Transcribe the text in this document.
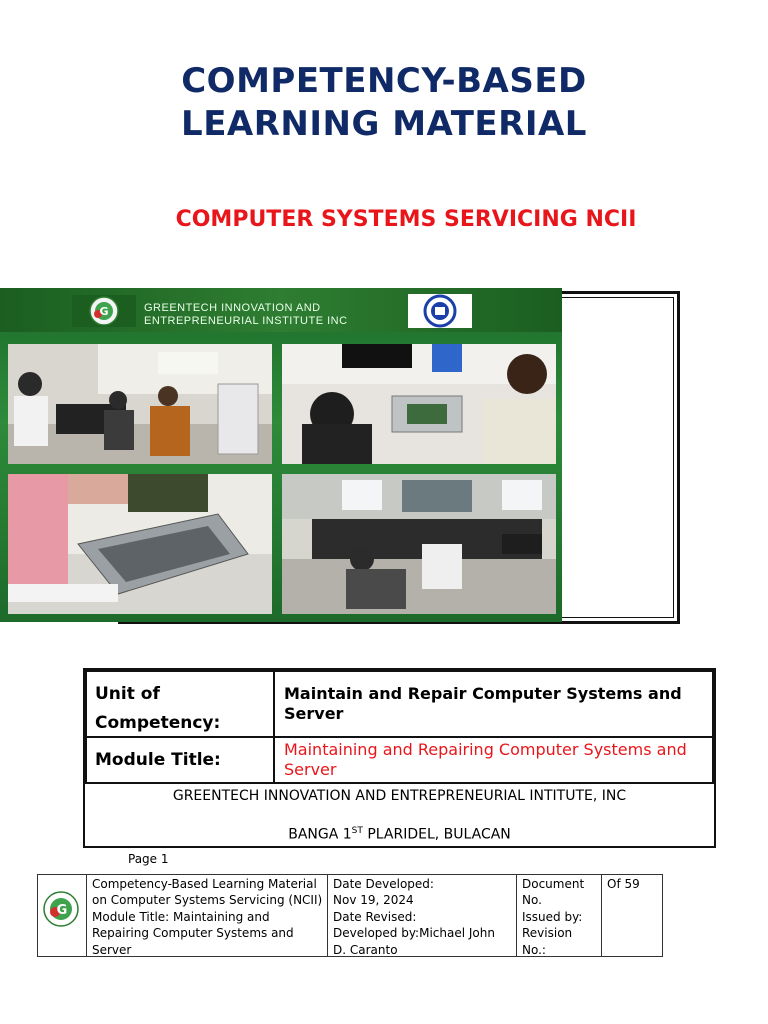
COMPETENCY-BASED
LEARNING MATERIAL
COMPUTER SYSTEMS SERVICING NCII
G	GREENTECH INNOVATION AND
ENTREPRENEURIAL INSTITUTE INC
Unit of
Competency:
Maintain and Repair Computer Systems and Server
Module Title:
Maintaining and Repairing Computer Systems and Server
GREENTECH INNOVATION AND ENTREPRENEURIAL INTITUTE, INC
BANGA 1ST PLARIDEL, BULACAN
Page 1
G
Competency-Based Learning Material
on Computer Systems Servicing (NCII)
Module Title: Maintaining and
Repairing Computer Systems and
Server
Date Developed:
Nov 19, 2024
Date Revised:
Developed by:Michael John
D. Caranto
Document
No.
Issued by:
Revision
No.:
Of 59
